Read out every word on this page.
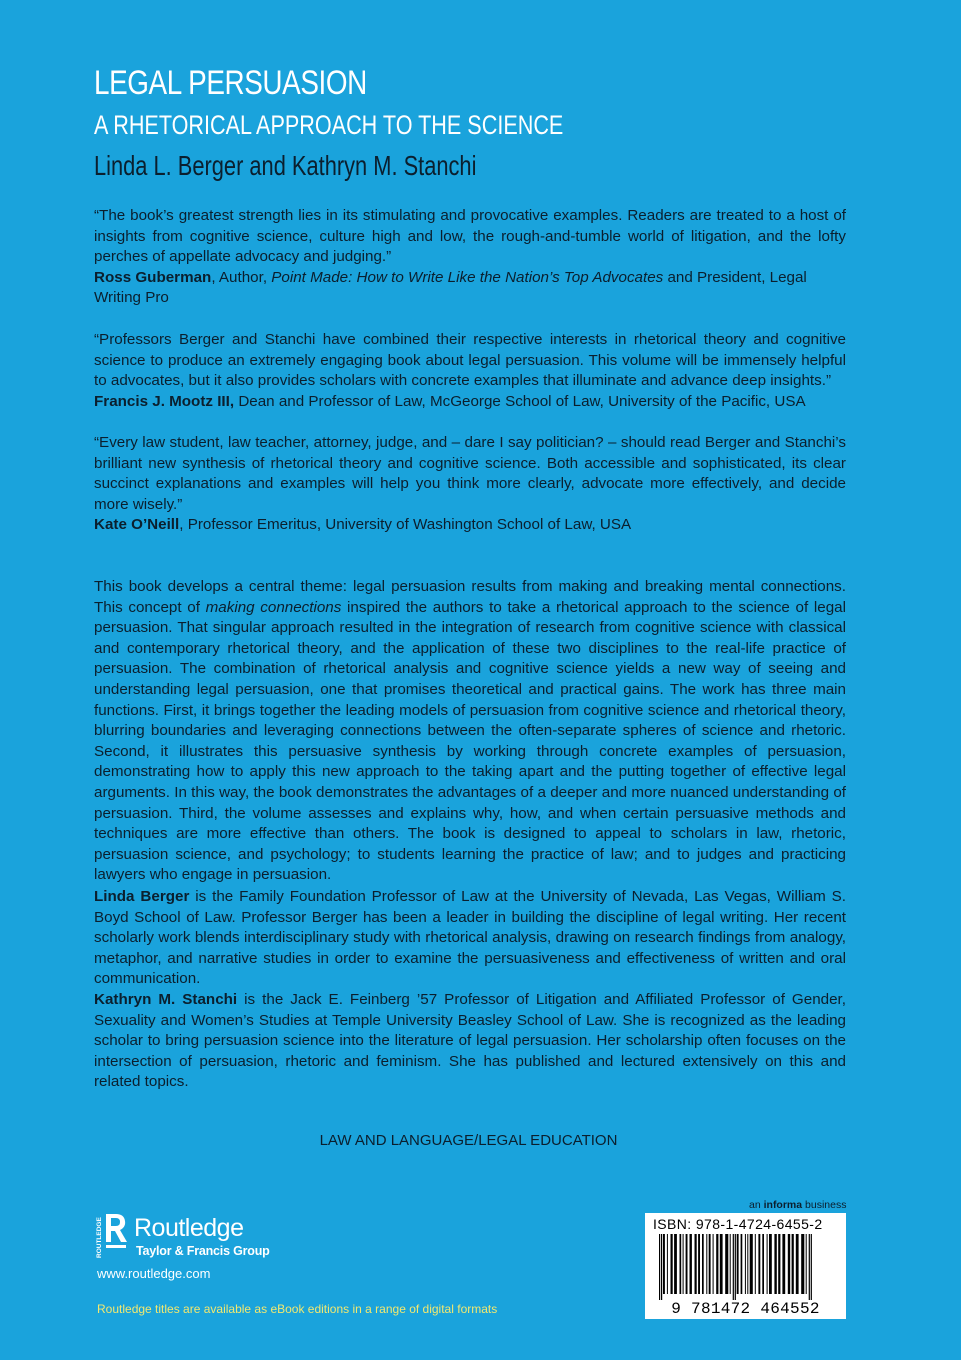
LEGAL PERSUASION
A RHETORICAL APPROACH TO THE SCIENCE
Linda L. Berger and Kathryn M. Stanchi
“The book’s greatest strength lies in its stimulating and provocative examples. Readers are treated to a host of insights from cognitive science, culture high and low, the rough-and-tumble world of litigation, and the lofty perches of appellate advocacy and judging.”
Ross Guberman, Author, Point Made: How to Write Like the Nation’s Top Advocates and President, Legal Writing Pro
“Professors Berger and Stanchi have combined their respective interests in rhetorical theory and cognitive science to produce an extremely engaging book about legal persuasion. This volume will be immensely helpful to advocates, but it also provides scholars with concrete examples that illuminate and advance deep insights.”
Francis J. Mootz III, Dean and Professor of Law, McGeorge School of Law, University of the Pacific, USA
“Every law student, law teacher, attorney, judge, and – dare I say politician? – should read Berger and Stanchi’s brilliant new synthesis of rhetorical theory and cognitive science. Both accessible and sophisticated, its clear succinct explanations and examples will help you think more clearly, advocate more effectively, and decide more wisely.”
Kate O’Neill, Professor Emeritus, University of Washington School of Law, USA
This book develops a central theme: legal persuasion results from making and breaking mental connections. This concept of making connections inspired the authors to take a rhetorical approach to the science of legal persuasion. That singular approach resulted in the integration of research from cognitive science with classical and contemporary rhetorical theory, and the application of these two disciplines to the real-life practice of persuasion. The combination of rhetorical analysis and cognitive science yields a new way of seeing and understanding legal persuasion, one that promises theoretical and practical gains. The work has three main functions. First, it brings together the leading models of persuasion from cognitive science and rhetorical theory, blurring boundaries and leveraging connections between the often-separate spheres of science and rhetoric. Second, it illustrates this persuasive synthesis by working through concrete examples of persuasion, demonstrating how to apply this new approach to the taking apart and the putting together of effective legal arguments. In this way, the book demonstrates the advantages of a deeper and more nuanced understanding of persuasion. Third, the volume assesses and explains why, how, and when certain persuasive methods and techniques are more effective than others. The book is designed to appeal to scholars in law, rhetoric, persuasion science, and psychology; to students learning the practice of law; and to judges and practicing lawyers who engage in persuasion.
Linda Berger is the Family Foundation Professor of Law at the University of Nevada, Las Vegas, William S. Boyd School of Law. Professor Berger has been a leader in building the discipline of legal writing. Her recent scholarly work blends interdisciplinary study with rhetorical analysis, drawing on research findings from analogy, metaphor, and narrative studies in order to examine the persuasiveness and effectiveness of written and oral communication.
Kathryn M. Stanchi is the Jack E. Feinberg ’57 Professor of Litigation and Affiliated Professor of Gender, Sexuality and Women’s Studies at Temple University Beasley School of Law. She is recognized as the leading scholar to bring persuasion science into the literature of legal persuasion. Her scholarship often focuses on the intersection of persuasion, rhetoric and feminism. She has published and lectured extensively on this and related topics.
LAW AND LANGUAGE/LEGAL EDUCATION
ROUTLEDGE Routledge
Taylor & Francis Group
www.routledge.com
Routledge titles are available as eBook editions in a range of digital formats
an informa business
ISBN: 978-1-4724-6455-2
9 781472 464552
